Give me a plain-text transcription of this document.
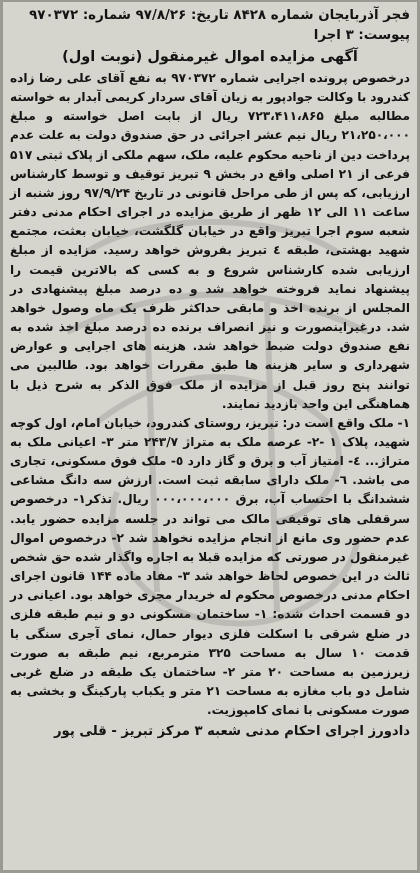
فجر آذربایجان شماره ۸۴۲۸ تاریخ: ۹۷/۸/۲۶ شماره: ۹۷۰۳۷۲
پیوست: ۳ اجرا
آگهی مزایده اموال غیرمنقول (نوبت اول)

درخصوص پرونده اجرایی شماره ۹۷۰۳۷۲ به نفع آقای علی رضا زاده کندرود با وکالت جوادپور به زیان آقای سردار کریمی آبدار به خواسته مطالبه مبلغ ۷۲۳،۴۱۱،۸۶۵ ریال از بابت اصل خواسته و مبلغ ۲۱،۲۵۰،۰۰۰ ریال نیم عشر اجرائی در حق صندوق دولت به علت عدم پرداخت دین از ناحیه محکوم علیه، ملک، سهم ملکی از پلاک ثبتی ۵۱۷ فرعی از ۲۱ اصلی واقع در بخش ۹ تبریز توقیف و توسط کارشناس ارزیابی، که پس از طی مراحل قانونی در تاریخ ۹۷/۹/۲۴ روز شنبه از ساعت ۱۱ الی ۱۲ ظهر از طریق مزایده در اجرای احکام مدنی دفتر شعبه سوم اجرا تبریز واقع در خیابان گلگشت، خیابان بعثت، مجتمع شهید بهشتی، طبقه ٤ تبریز بفروش خواهد رسید. مزایده از مبلغ ارزیابی شده کارشناس شروع و به کسی که بالاترین قیمت را پیشنهاد نماید فروخته خواهد شد و ده درصد مبلغ پیشنهادی در المجلس از برنده اخذ و مابقی حداکثر ظرف یک ماه وصول خواهد شد. درغیراینصورت و نیز انصراف برنده ده درصد مبلغ اخذ شده به نفع صندوق دولت ضبط خواهد شد. هزینه های اجرایی و عوارض شهرداری و سایر هزینه ها طبق مقررات خواهد بود. طالبین می توانند پنج روز قبل از مزایده از ملک فوق الذکر به شرح ذیل با هماهنگی این واحد بازدید نمایند.

۱- ملک واقع است در: تبریز، روستای کندرود، خیابان امام، اول کوچه شهید، پلاک ۱ -۲- عرصه ملک به متراژ ۲۴۳/۷ متر ۳- اعیانی ملک به متراژ... ٤- امتیاز آب و برق و گاز دارد ٥- ملک فوق مسکونی، تجاری می باشد. ٦- ملک دارای سابقه ثبت است. ارزش سه دانگ مشاعی ششدانگ با احتساب آب، برق ۰۰۰،۰۰۰،۰۰۰ ریال. تذکر۱- درخصوص سرقفلی های توقیفی مالک می تواند در جلسه مزایده حضور یابد. عدم حضور وی مانع از انجام مزایده نخواهد شد ۲- درخصوص اموال غیرمنقول در صورتی که مزایده قبلا به اجاره واگذار شده حق شخص ثالث در این خصوص لحاظ خواهد شد ۳- مفاد ماده ۱۴۴ قانون اجرای احکام مدنی درخصوص محکوم له خریدار مجری خواهد بود. اعیانی در دو قسمت احداث شده: ۱- ساختمان مسکونی دو و نیم طبقه فلزی در ضلع شرقی با اسکلت فلزی دیوار حمال، نمای آجری سنگی با قدمت ۱۰ سال به مساحت ۳۲۵ مترمربع، نیم طبقه به صورت زیرزمین به مساحت ۲۰ متر ۲- ساختمان یک طبقه در ضلع غربی شامل دو باب مغازه به مساحت ۲۱ متر و یکباب پارکینگ و بخشی به صورت مسکونی با نمای کامپوزیت.

دادورز اجرای احکام مدنی شعبه ۳ مرکز تبریز - قلی پور
